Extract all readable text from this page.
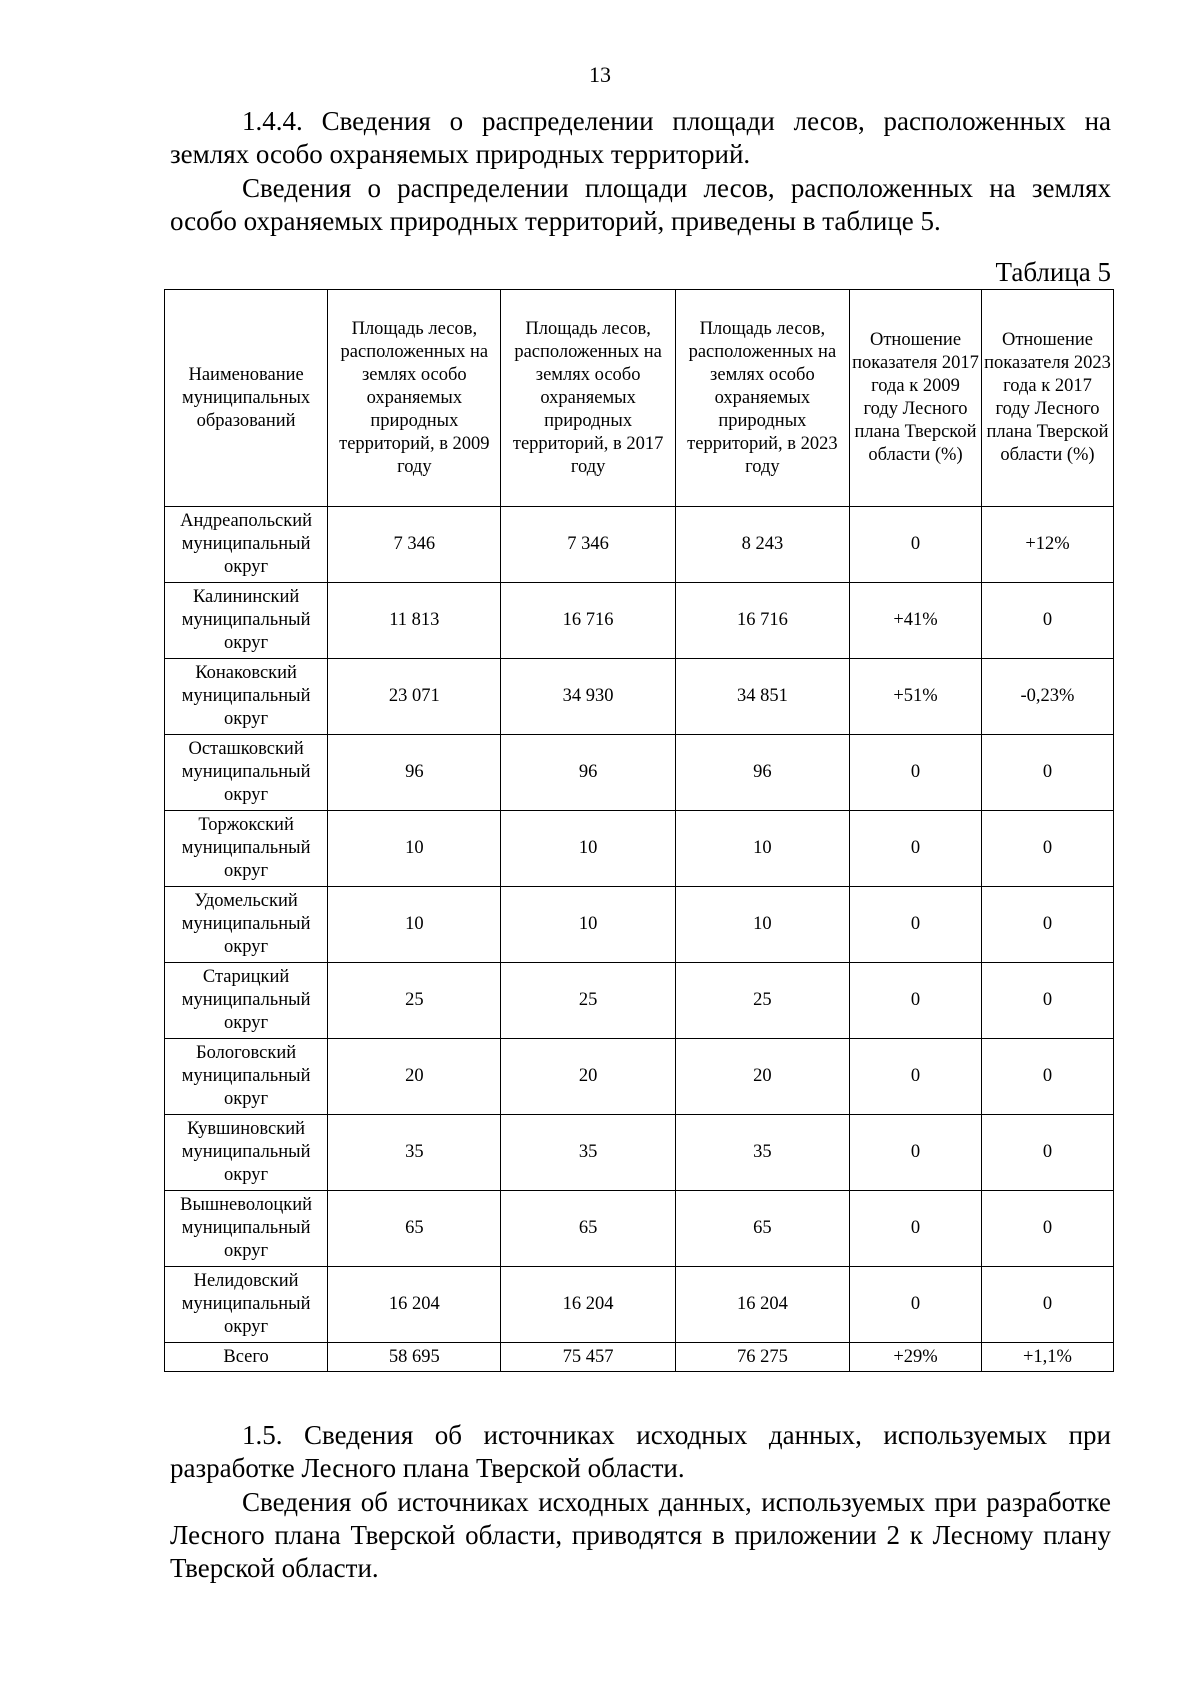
13

1.4.4. Сведения о распределении площади лесов, расположенных на землях особо охраняемых природных территорий.

Сведения о распределении площади лесов, расположенных на землях особо охраняемых природных территорий, приведены в таблице 5.

Таблица 5
Наименование муниципальных образований	Площадь лесов, расположенных на землях особо охраняемых природных территорий, в 2009 году	Площадь лесов, расположенных на землях особо охраняемых природных территорий, в 2017 году	Площадь лесов, расположенных на землях особо охраняемых природных территорий, в 2023 году	Отношение показателя 2017 года к 2009 году Лесного плана Тверской области (%)	Отношение показателя 2023 года к 2017 году Лесного плана Тверской области (%)
Андреапольский муниципальный округ	7 346	7 346	8 243	0	+12%
Калининский муниципальный округ	11 813	16 716	16 716	+41%	0
Конаковский муниципальный округ	23 071	34 930	34 851	+51%	-0,23%
Осташковский муниципальный округ	96	96	96	0	0
Торжокский муниципальный округ	10	10	10	0	0
Удомельский муниципальный округ	10	10	10	0	0
Старицкий муниципальный округ	25	25	25	0	0
Бологовский муниципальный округ	20	20	20	0	0
Кувшиновский муниципальный округ	35	35	35	0	0
Вышневолоцкий муниципальный округ	65	65	65	0	0
Нелидовский муниципальный округ	16 204	16 204	16 204	0	0
Всего	58 695	75 457	76 275	+29%	+1,1%

1.5. Сведения об источниках исходных данных, используемых при разработке Лесного плана Тверской области.

Сведения об источниках исходных данных, используемых при разработке Лесного плана Тверской области, приводятся в приложении 2 к Лесному плану Тверской области.
